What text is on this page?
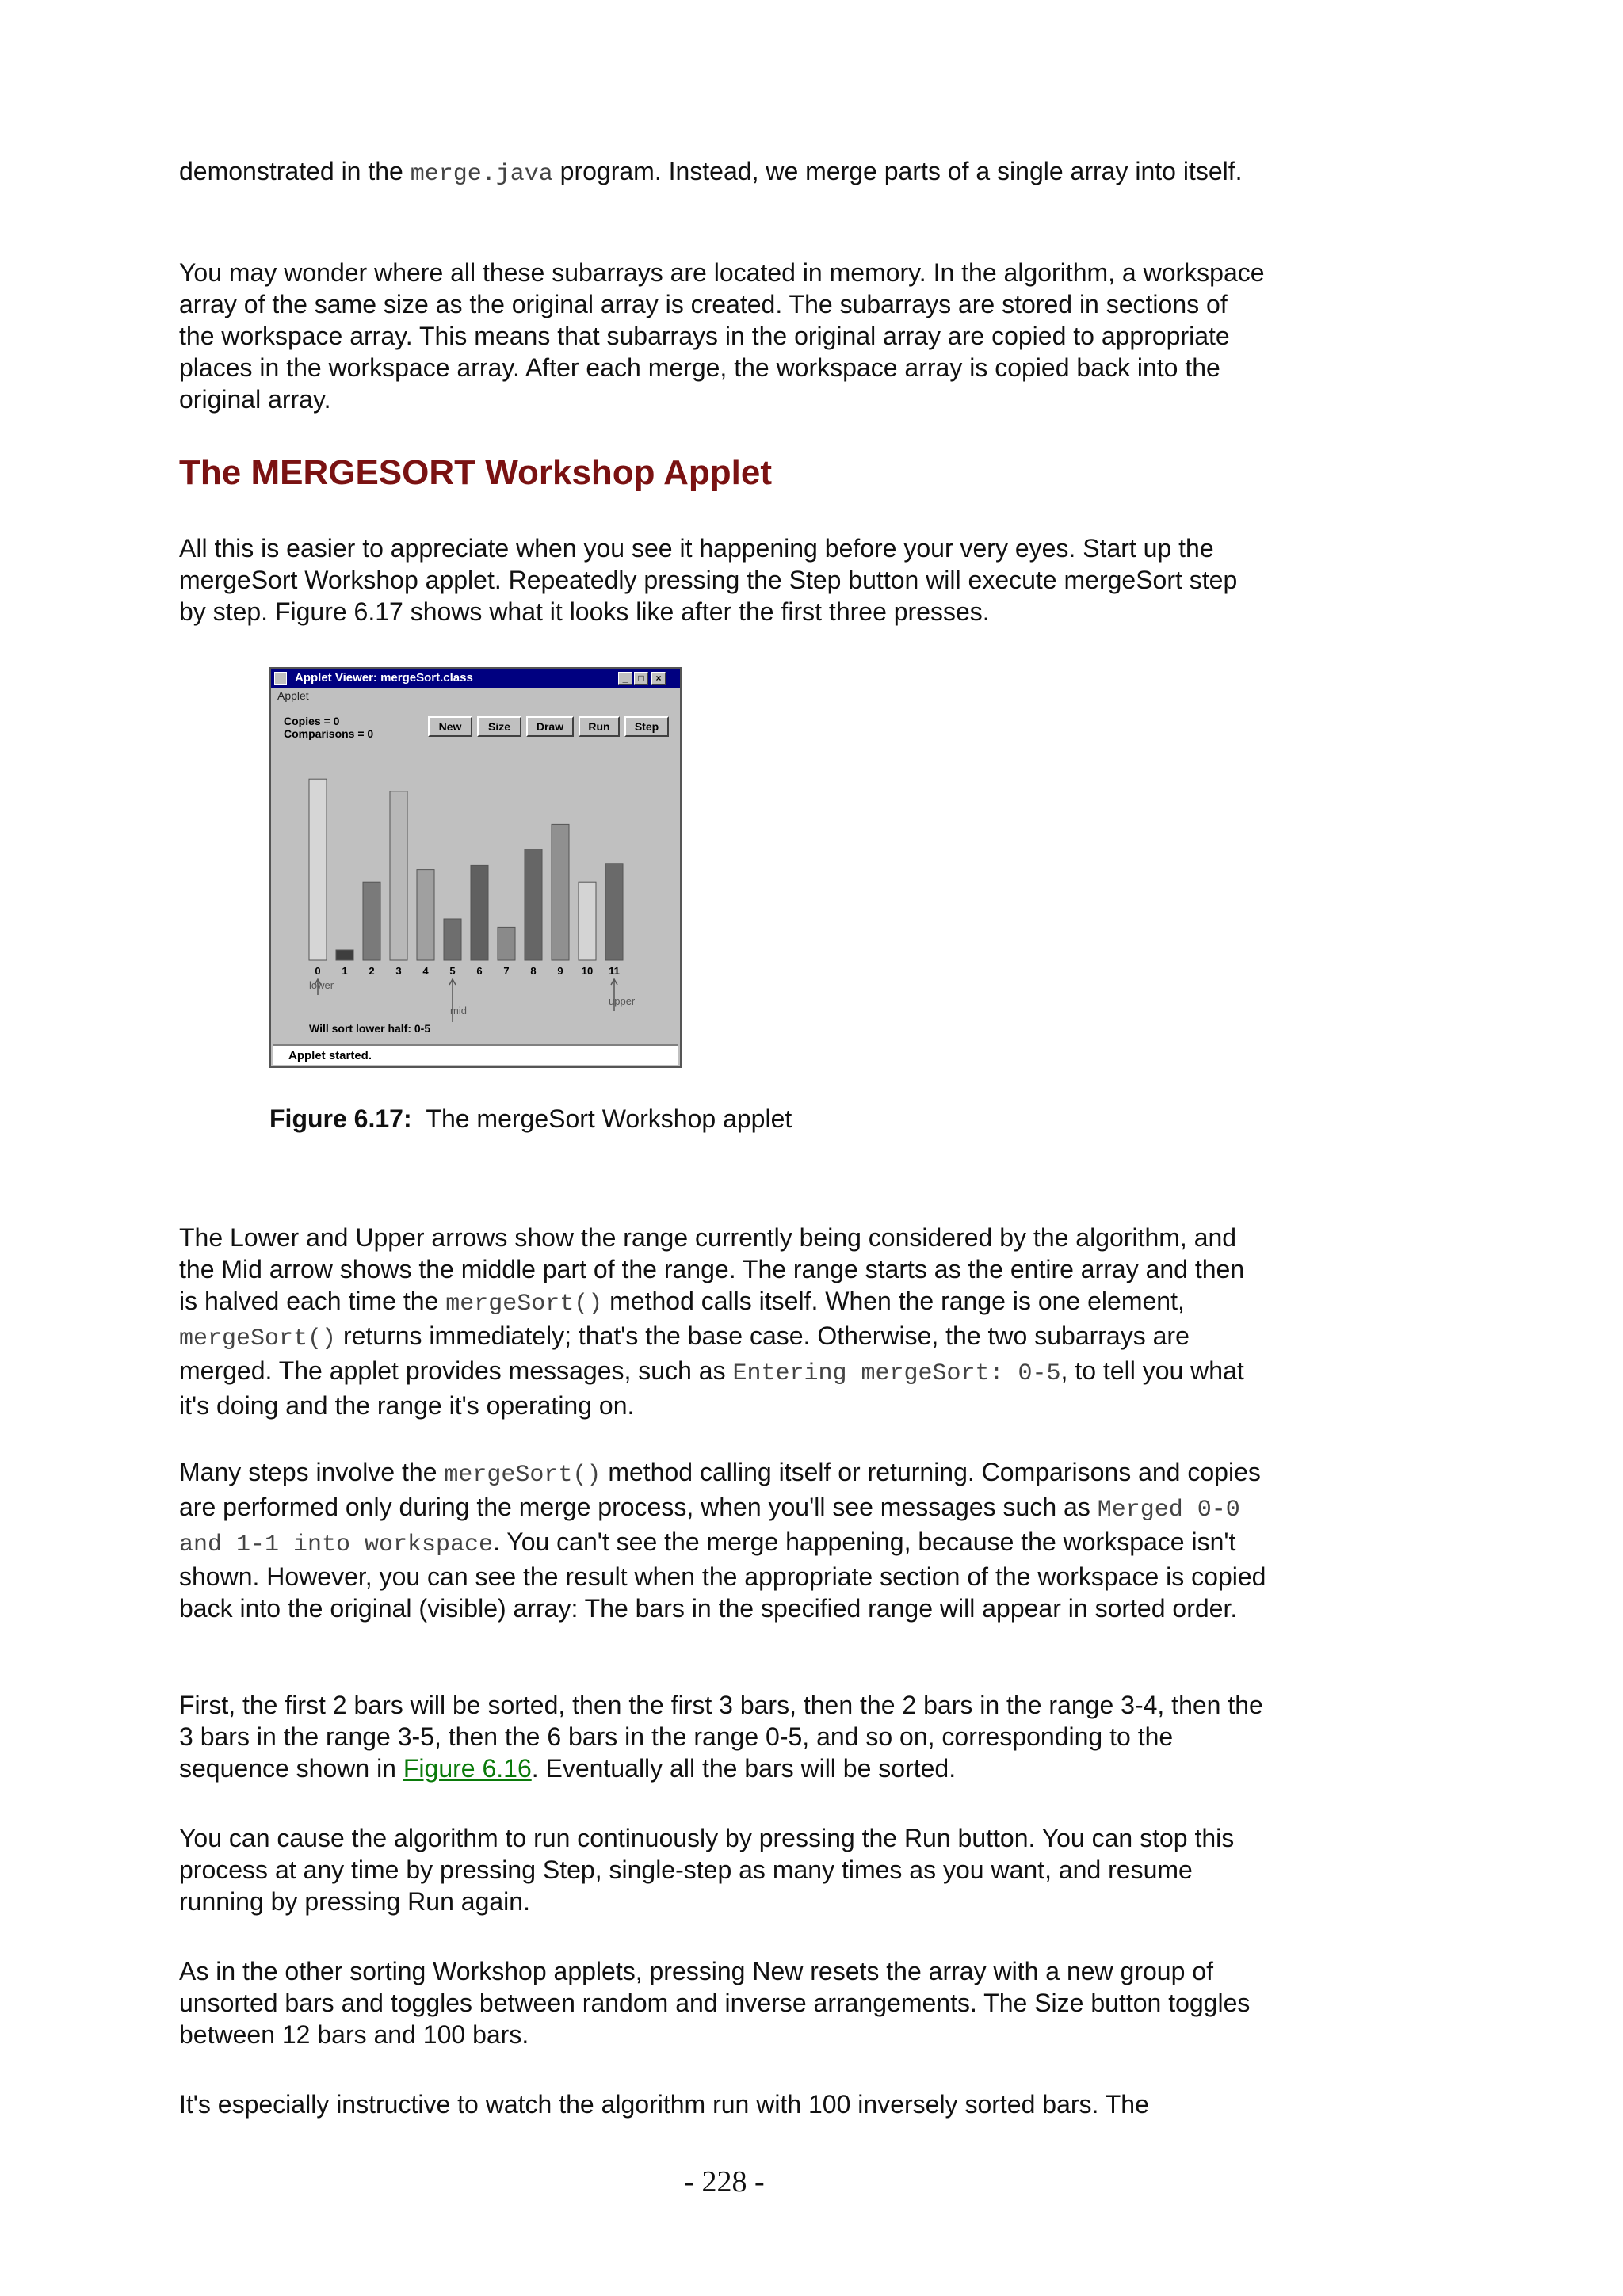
demonstrated in the merge.java program. Instead, we merge parts of a single array into itself.

You may wonder where all these subarrays are located in memory. In the algorithm, a workspace array of the same size as the original array is created. The subarrays are stored in sections of the workspace array. This means that subarrays in the original array are copied to appropriate places in the workspace array. After each merge, the workspace array is copied back into the original array.

The MERGESORT Workshop Applet

All this is easier to appreciate when you see it happening before your very eyes. Start up the mergeSort Workshop applet. Repeatedly pressing the Step button will execute mergeSort step by step. Figure 6.17 shows what it looks like after the first three presses.

Applet Viewer: mergeSort.class	_	□	×
Applet
Copies = 0
Comparisons = 0
New	Size	Draw	Run	Step
0 1 2 3 4 5 6 7 8 9 10 11
lower
mid
upper
Will sort lower half: 0-5
Applet started.
Figure 6.17: The mergeSort Workshop applet

The Lower and Upper arrows show the range currently being considered by the algorithm, and the Mid arrow shows the middle part of the range. The range starts as the entire array and then is halved each time the mergeSort() method calls itself. When the range is one element, mergeSort() returns immediately; that's the base case. Otherwise, the two subarrays are merged. The applet provides messages, such as Entering mergeSort: 0-5, to tell you what it's doing and the range it's operating on.

Many steps involve the mergeSort() method calling itself or returning. Comparisons and copies are performed only during the merge process, when you'll see messages such as Merged 0-0 and 1-1 into workspace. You can't see the merge happening, because the workspace isn't shown. However, you can see the result when the appropriate section of the workspace is copied back into the original (visible) array: The bars in the specified range will appear in sorted order.

First, the first 2 bars will be sorted, then the first 3 bars, then the 2 bars in the range 3-4, then the 3 bars in the range 3-5, then the 6 bars in the range 0-5, and so on, corresponding to the sequence shown in Figure 6.16. Eventually all the bars will be sorted.

You can cause the algorithm to run continuously by pressing the Run button. You can stop this process at any time by pressing Step, single-step as many times as you want, and resume running by pressing Run again.

As in the other sorting Workshop applets, pressing New resets the array with a new group of unsorted bars and toggles between random and inverse arrangements. The Size button toggles between 12 bars and 100 bars.

It's especially instructive to watch the algorithm run with 100 inversely sorted bars. The

- 228 -
